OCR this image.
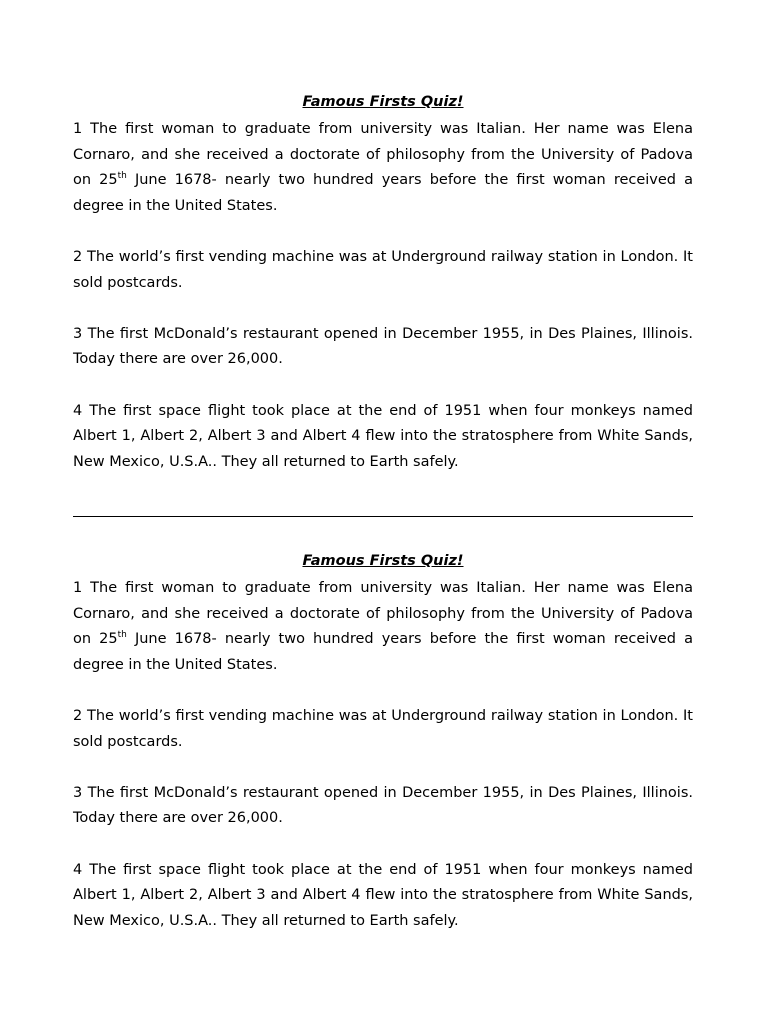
Famous Firsts Quiz!

1 The first woman to graduate from university was Italian. Her name was Elena Cornaro, and she received a doctorate of philosophy from the University of Padova on 25th June 1678- nearly two hundred years before the first woman received a degree in the United States.

2 The world’s first vending machine was at Underground railway station in London. It sold postcards.

3 The first McDonald’s restaurant opened in December 1955, in Des Plaines, Illinois. Today there are over 26,000.

4 The first space flight took place at the end of 1951 when four monkeys named Albert 1, Albert 2, Albert 3 and Albert 4 flew into the stratosphere from White Sands, New Mexico, U.S.A.. They all returned to Earth safely.

Famous Firsts Quiz!

1 The first woman to graduate from university was Italian. Her name was Elena Cornaro, and she received a doctorate of philosophy from the University of Padova on 25th June 1678- nearly two hundred years before the first woman received a degree in the United States.

2 The world’s first vending machine was at Underground railway station in London. It sold postcards.

3 The first McDonald’s restaurant opened in December 1955, in Des Plaines, Illinois. Today there are over 26,000.

4 The first space flight took place at the end of 1951 when four monkeys named Albert 1, Albert 2, Albert 3 and Albert 4 flew into the stratosphere from White Sands, New Mexico, U.S.A.. They all returned to Earth safely.
